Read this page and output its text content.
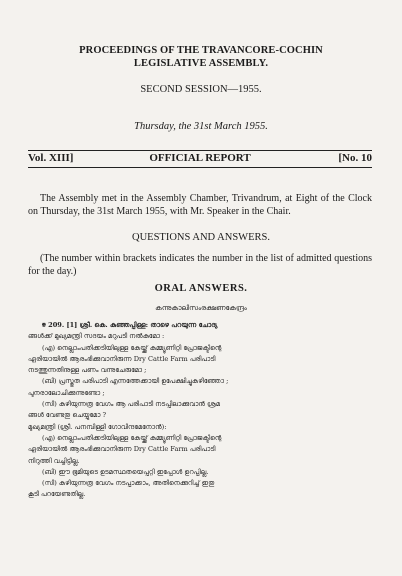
PROCEEDINGS OF THE TRAVANCORE-COCHIN
LEGISLATIVE ASSEMBLY.
SECOND SESSION—1955.
Thursday, the 31st March 1955.
Vol. XIII]	OFFICIAL REPORT	[No. 10
The Assembly met in the Assembly Chamber, Trivandrum, at Eight of the Clock on Thursday, the 31st March 1955, with Mr. Speaker in the Chair.
QUESTIONS AND ANSWERS.
(The number within brackets indicates the number in the list of admitted questions for the day.)
ORAL ANSWERS.
കന്നുകാലിസംരക്ഷണകേന്ദ്രം

✠ 209. [1] ശ്രീ. കെ. കുഞ്ഞപ്പിള്ള: താഴെ പറയുന്ന ചോദ്യ

ങ്ങൾക്ക് മുഖ്യമന്ത്രി സദയം മറുപടി നൽകുമോ :

(എ) നെല്ലാംപതിക്കടിയിലുള്ള കേയ്ക്ക് കമ്മ്യൂണിറ്റി പ്രോജക്ടിന്റെ

ഏരിയായിൽ ആരംഭിക്കുവാനിരുന്ന Dry Cattle Farm പരിപാടി

നടത്തുന്നതിനുള്ള പണം വന്നുചേരുമോ ;

(ബി) പ്രസ്തുത പരിപാടി എന്നത്തേക്കായി ഉപേക്ഷിച്ചുകഴിഞ്ഞോ ;

പുനരാലോചിക്കുന്നുണ്ടോ ;

(സി) കഴിയുന്നത്ര വേഗം ആ പരിപാടി നടപ്പിലാക്കുവാൻ ശ്രമ

ങ്ങൾ വേണ്ടതു ചെയ്യുമോ ?

മുഖ്യമന്ത്രി (ശ്രീ. പനമ്പിള്ളി ഗോവിന്ദമേനോൻ):

(എ) നെല്ലാംപതിക്കടിയിലുള്ള കേയ്ക്ക് കമ്മ്യൂണിറ്റി പ്രോജക്ടിന്റെ

ഏരിയായിൽ ആരംഭിക്കുവാനിരുന്ന Dry Cattle Farm പരിപാടി

നിറുത്തി വച്ചിട്ടില്ല.

(ബി) ഈ ഭൂമിയുടെ ഉടമസ്ഥതയെപ്പറ്റി ഇപ്പോൾ ഉറപ്പില്ല.

(സി) കഴിയുന്നത്ര വേഗം നടപ്പാക്കാം, അതിനെക്കുറിച്ച് ഇതു

കൂടി പറയേണ്ടതില്ല.
